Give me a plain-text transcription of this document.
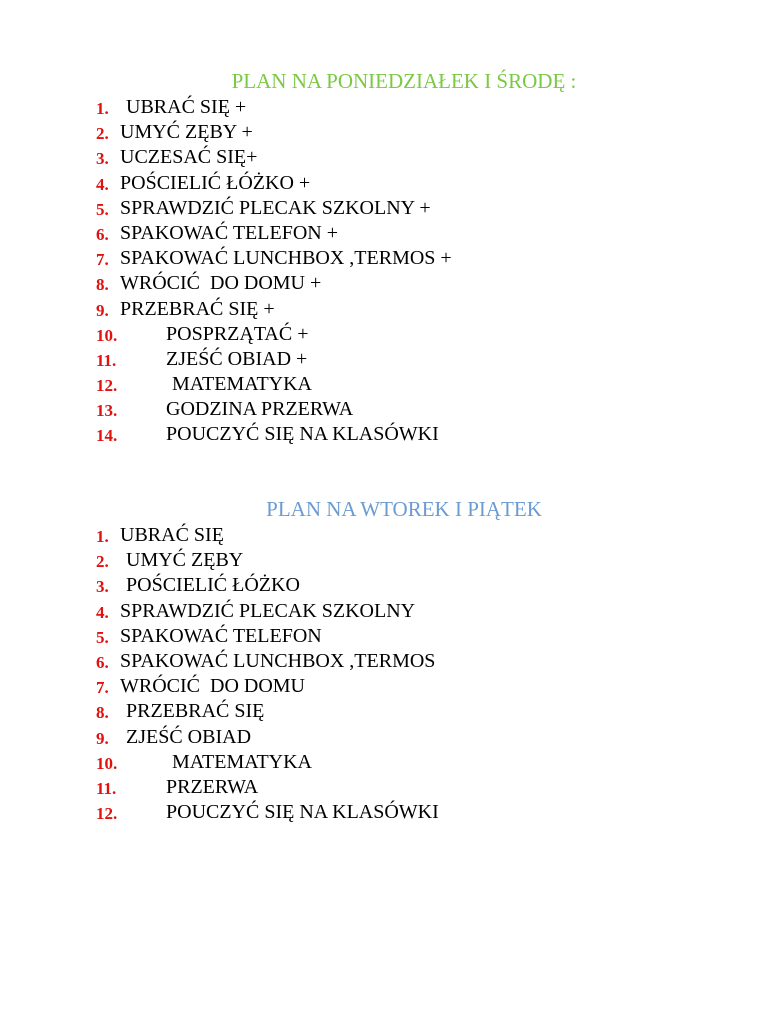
PLAN NA PONIEDZIAŁEK I ŚRODĘ :
1. UBRAĆ SIĘ +
2. UMYĆ ZĘBY +
3. UCZESAĆ SIĘ+
4. POŚCIELIĆ ŁÓŻKO +
5. SPRAWDZIĆ PLECAK SZKOLNY +
6. SPAKOWAĆ TELEFON +
7. SPAKOWAĆ LUNCHBOX ,TERMOS +
8. WRÓCIĆ  DO DOMU +
9. PRZEBRAĆ SIĘ +
10. POSPRZĄTAĆ +
11. ZJEŚĆ OBIAD +
12.	MATEMATYKA
13. GODZINA PRZERWA
14. POUCZYĆ SIĘ NA KLASÓWKI
PLAN NA WTOREK I PIĄTEK
1. UBRAĆ SIĘ
2. UMYĆ ZĘBY
3. POŚCIELIĆ ŁÓŻKO
4. SPRAWDZIĆ PLECAK SZKOLNY
5. SPAKOWAĆ TELEFON
6. SPAKOWAĆ LUNCHBOX ,TERMOS
7. WRÓCIĆ  DO DOMU
8. PRZEBRAĆ SIĘ
9. ZJEŚĆ OBIAD
10.	MATEMATYKA
11. PRZERWA
12. POUCZYĆ SIĘ NA KLASÓWKI
